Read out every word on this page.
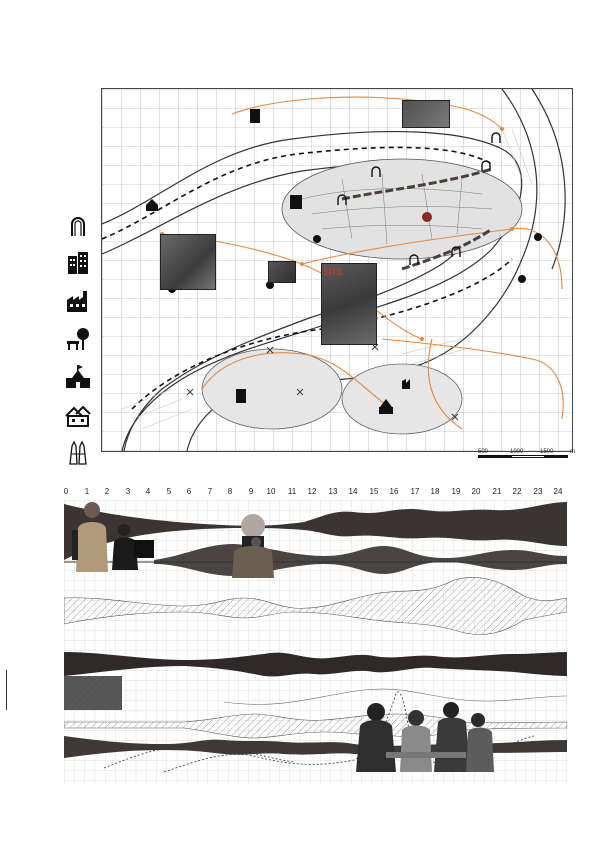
SITE
500	1000	1500	m
0	1	2	3	4	5	6	7	8	9	10	11	12	13	14	15	16	17	18	19	20	21	22	23	24
